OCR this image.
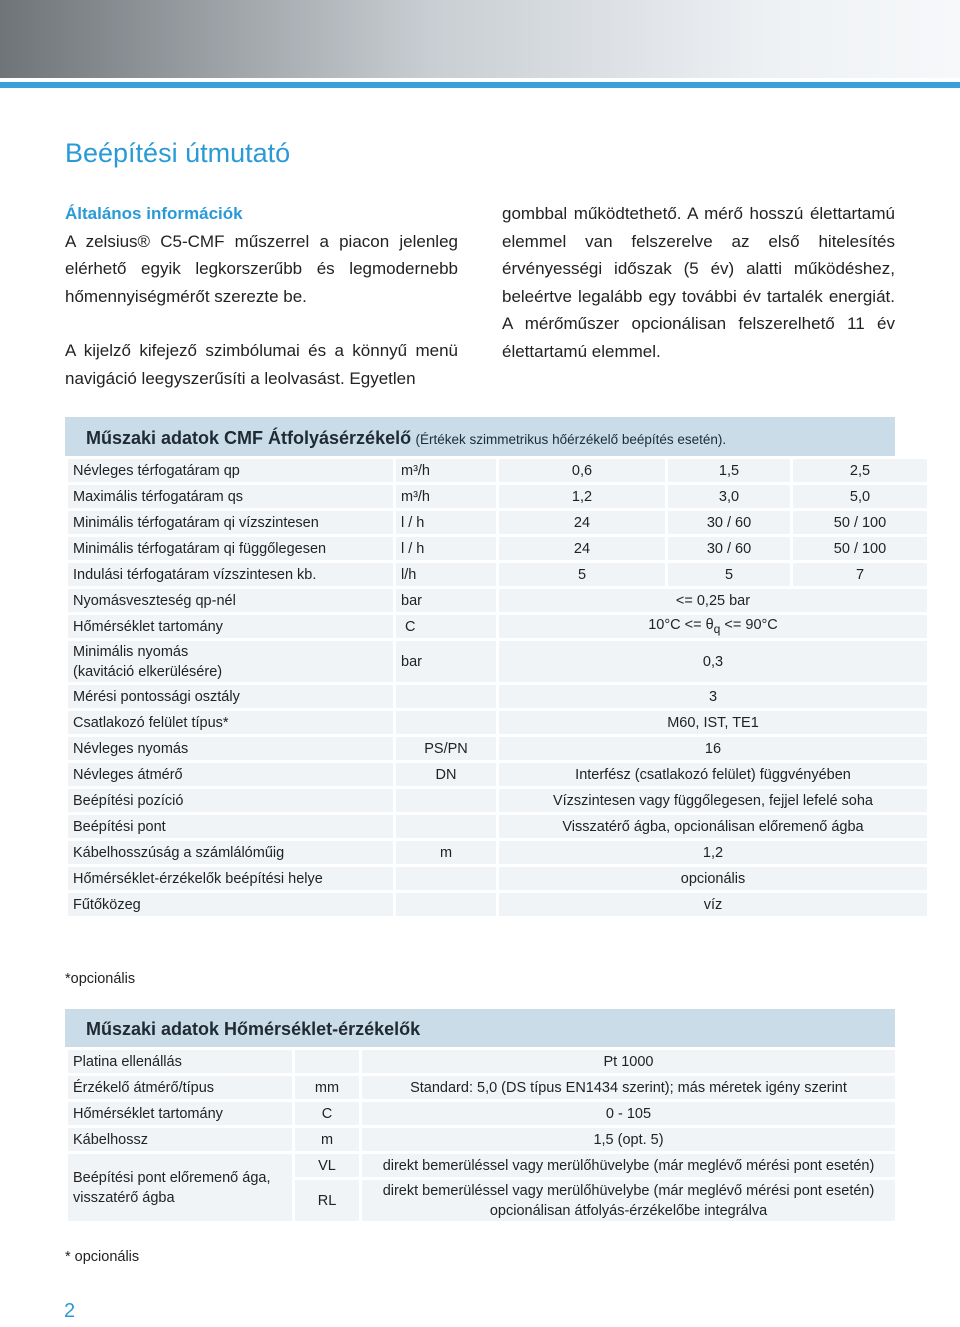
Beépítési útmutató
Általános információk

A zelsius® C5-CMF műszerrel a piacon jelenleg elérhető egyik legkorszerűbb és legmodernebb hőmennyiségmérőt szerezte be.

A kijelző kifejező szimbólumai és a könnyű menü navigáció leegyszerűsíti a leolvasást. Egyetlen

gombbal működtethető. A mérő hosszú élettartamú elemmel van felszerelve az első hitelesítés érvényességi időszak (5 év) alatti működéshez, beleértve legalább egy további év tartalék energiát. A mérőműszer opcionálisan felszerelhető 11 év élettartamú elemmel.

Műszaki adatok CMF Átfolyásérzékelő (Értékek szimmetrikus hőérzékelő beépítés esetén).
Névleges térfogatáram qp	m³/h	0,6	1,5	2,5
Maximális térfogatáram qs	m³/h	1,2	3,0	5,0
Minimális térfogatáram qi vízszintesen	l / h	24	30 / 60	50 / 100
Minimális térfogatáram qi függőlegesen	l / h	24	30 / 60	50 / 100
Indulási térfogatáram vízszintesen kb.	l/h	5	5	7
Nyomásveszteség qp-nél	bar	<= 0,25 bar		
Hőmérséklet tartomány	C	$10^\circ C <= \theta_q <= 90^\circ C$		
Minimális nyomás
(kavitáció elkerülésére)	bar	0,3		
Mérési pontossági osztály		3		
Csatlakozó felület típus*		M60, IST, TE1		
Névleges nyomás	PS/PN	16		
Névleges átmérő	DN	Interfész (csatlakozó felület) függvényében		
Beépítési pozíció		Vízszintesen vagy függőlegesen, fejjel lefelé soha		
Beépítési pont		Visszatérő ágba, opcionálisan előremenő ágba		
Kábelhosszúság a számlálóműig	m	1,2		
Hőmérséklet-érzékelők beépítési helye		opcionális		
Fűtőközeg		víz		
*opcionális
Műszaki adatok Hőmérséklet-érzékelők
Platina ellenállás		Pt 1000
Érzékelő átmérő/típus	mm	Standard: 5,0 (DS típus EN1434 szerint); más méretek igény szerint
Hőmérséklet tartomány	C	0 - 105
Kábelhossz	m	1,5 (opt. 5)
Beépítési pont előremenő ága, visszatérő ágba	VL	direkt bemerüléssel vagy merülőhüvelybe (már meglévő mérési pont esetén)
	RL	direkt bemerüléssel vagy merülőhüvelybe (már meglévő mérési pont esetén)
opcionálisan átfolyás-érzékelőbe integrálva
* opcionális
2
